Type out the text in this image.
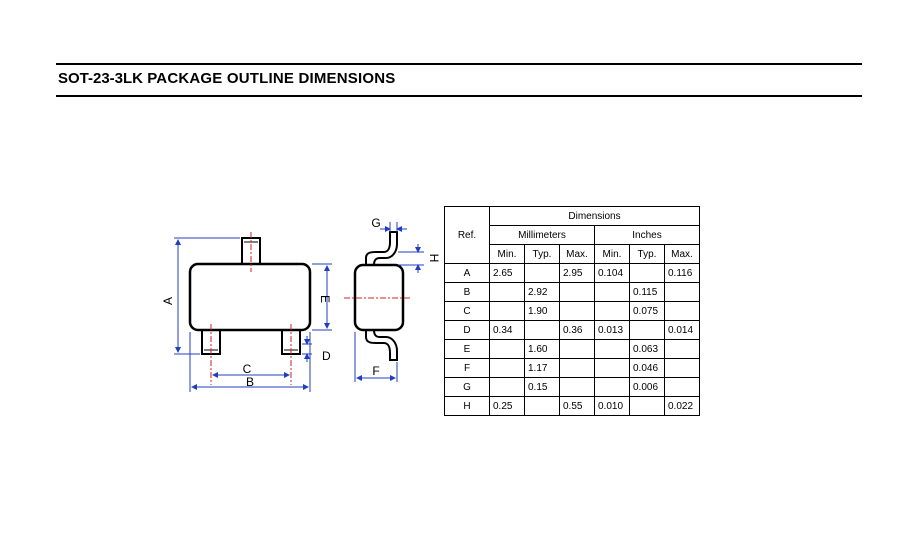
SOT-23-3LK PACKAGE OUTLINE DIMENSIONS
A	E
D
C
B
G
H
F
Ref.	Dimensions					
	Millimeters			Inches		
	Min.	Typ.	Max.	Min.	Typ.	Max.
A	2.65		2.95	0.104		0.116
B		2.92			0.115	
C		1.90			0.075	
D	0.34		0.36	0.013		0.014
E		1.60			0.063	
F		1.17			0.046	
G		0.15			0.006	
H	0.25		0.55	0.010		0.022
